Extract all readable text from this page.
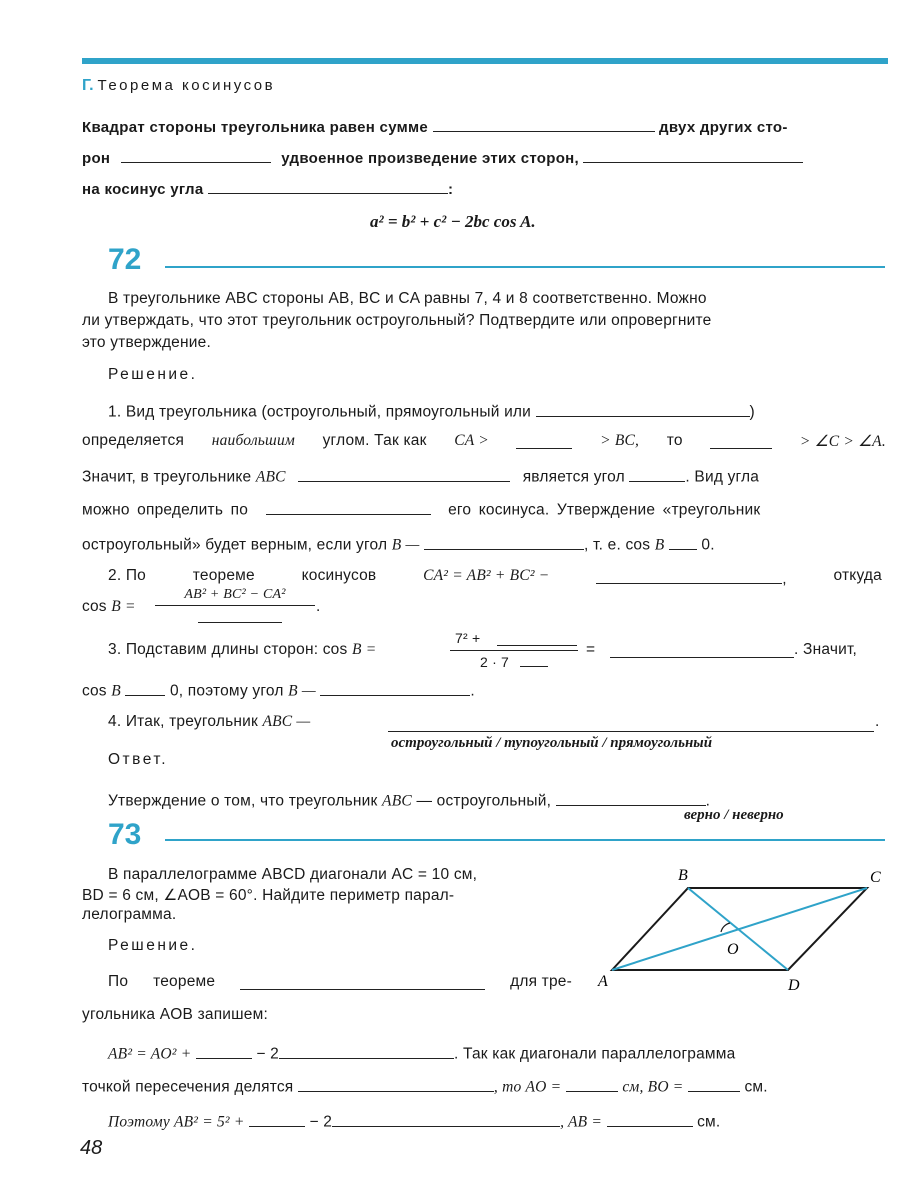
Г. Теорема косинусов
Квадрат стороны треугольника равен сумме	двух других сто-
рон	удвоенное произведение этих сторон,
на косинус угла	:
a² = b² + c² − 2bc cos A.
72
В треугольнике ABC стороны AB, BC и CA равны 7, 4 и 8 соответственно. Можно
ли утверждать, что этот треугольник остроугольный? Подтвердите или опровергните
это утверждение.
Решение.
1. Вид треугольника (остроугольный, прямоугольный или	)
определяется наибольшим углом. Так как CA >	> BC, то	> ∠C > ∠A.
Значит, в треугольнике ABC	является угол	. Вид угла
можно определить по	его косинуса. Утверждение «треугольник
остроугольный» будет верным, если угол B —	, т. е. cos B 0.
2. По	теореме	косинусов	CA² = AB² + BC² −	,	откуда
cos B =
AB² + BC² − CA²
.
3. Подставим длины сторон: cos B =
7² +
2 · 7
=	. Значит,
cos B	0, поэтому угол B —	.
4. Итак, треугольник ABC —	.
остроугольный / тупоугольный / прямоугольный
Ответ.
Утверждение о том, что треугольник ABC — остроугольный,	.
верно / неверно
73
В параллелограмме ABCD диагонали AC = 10 см,
BD = 6 см, ∠AOB = 60°. Найдите периметр парал-
лелограмма.
Решение.
По теореме	для тре-
угольника AOB запишем:
AB² = AO² +	− 2	. Так как диагонали параллелограмма
точкой пересечения делятся	, то AO =	см, BO =	см.
Поэтому AB² = 5² +	− 2	, AB =	см.
A
B	C
D
O
48
